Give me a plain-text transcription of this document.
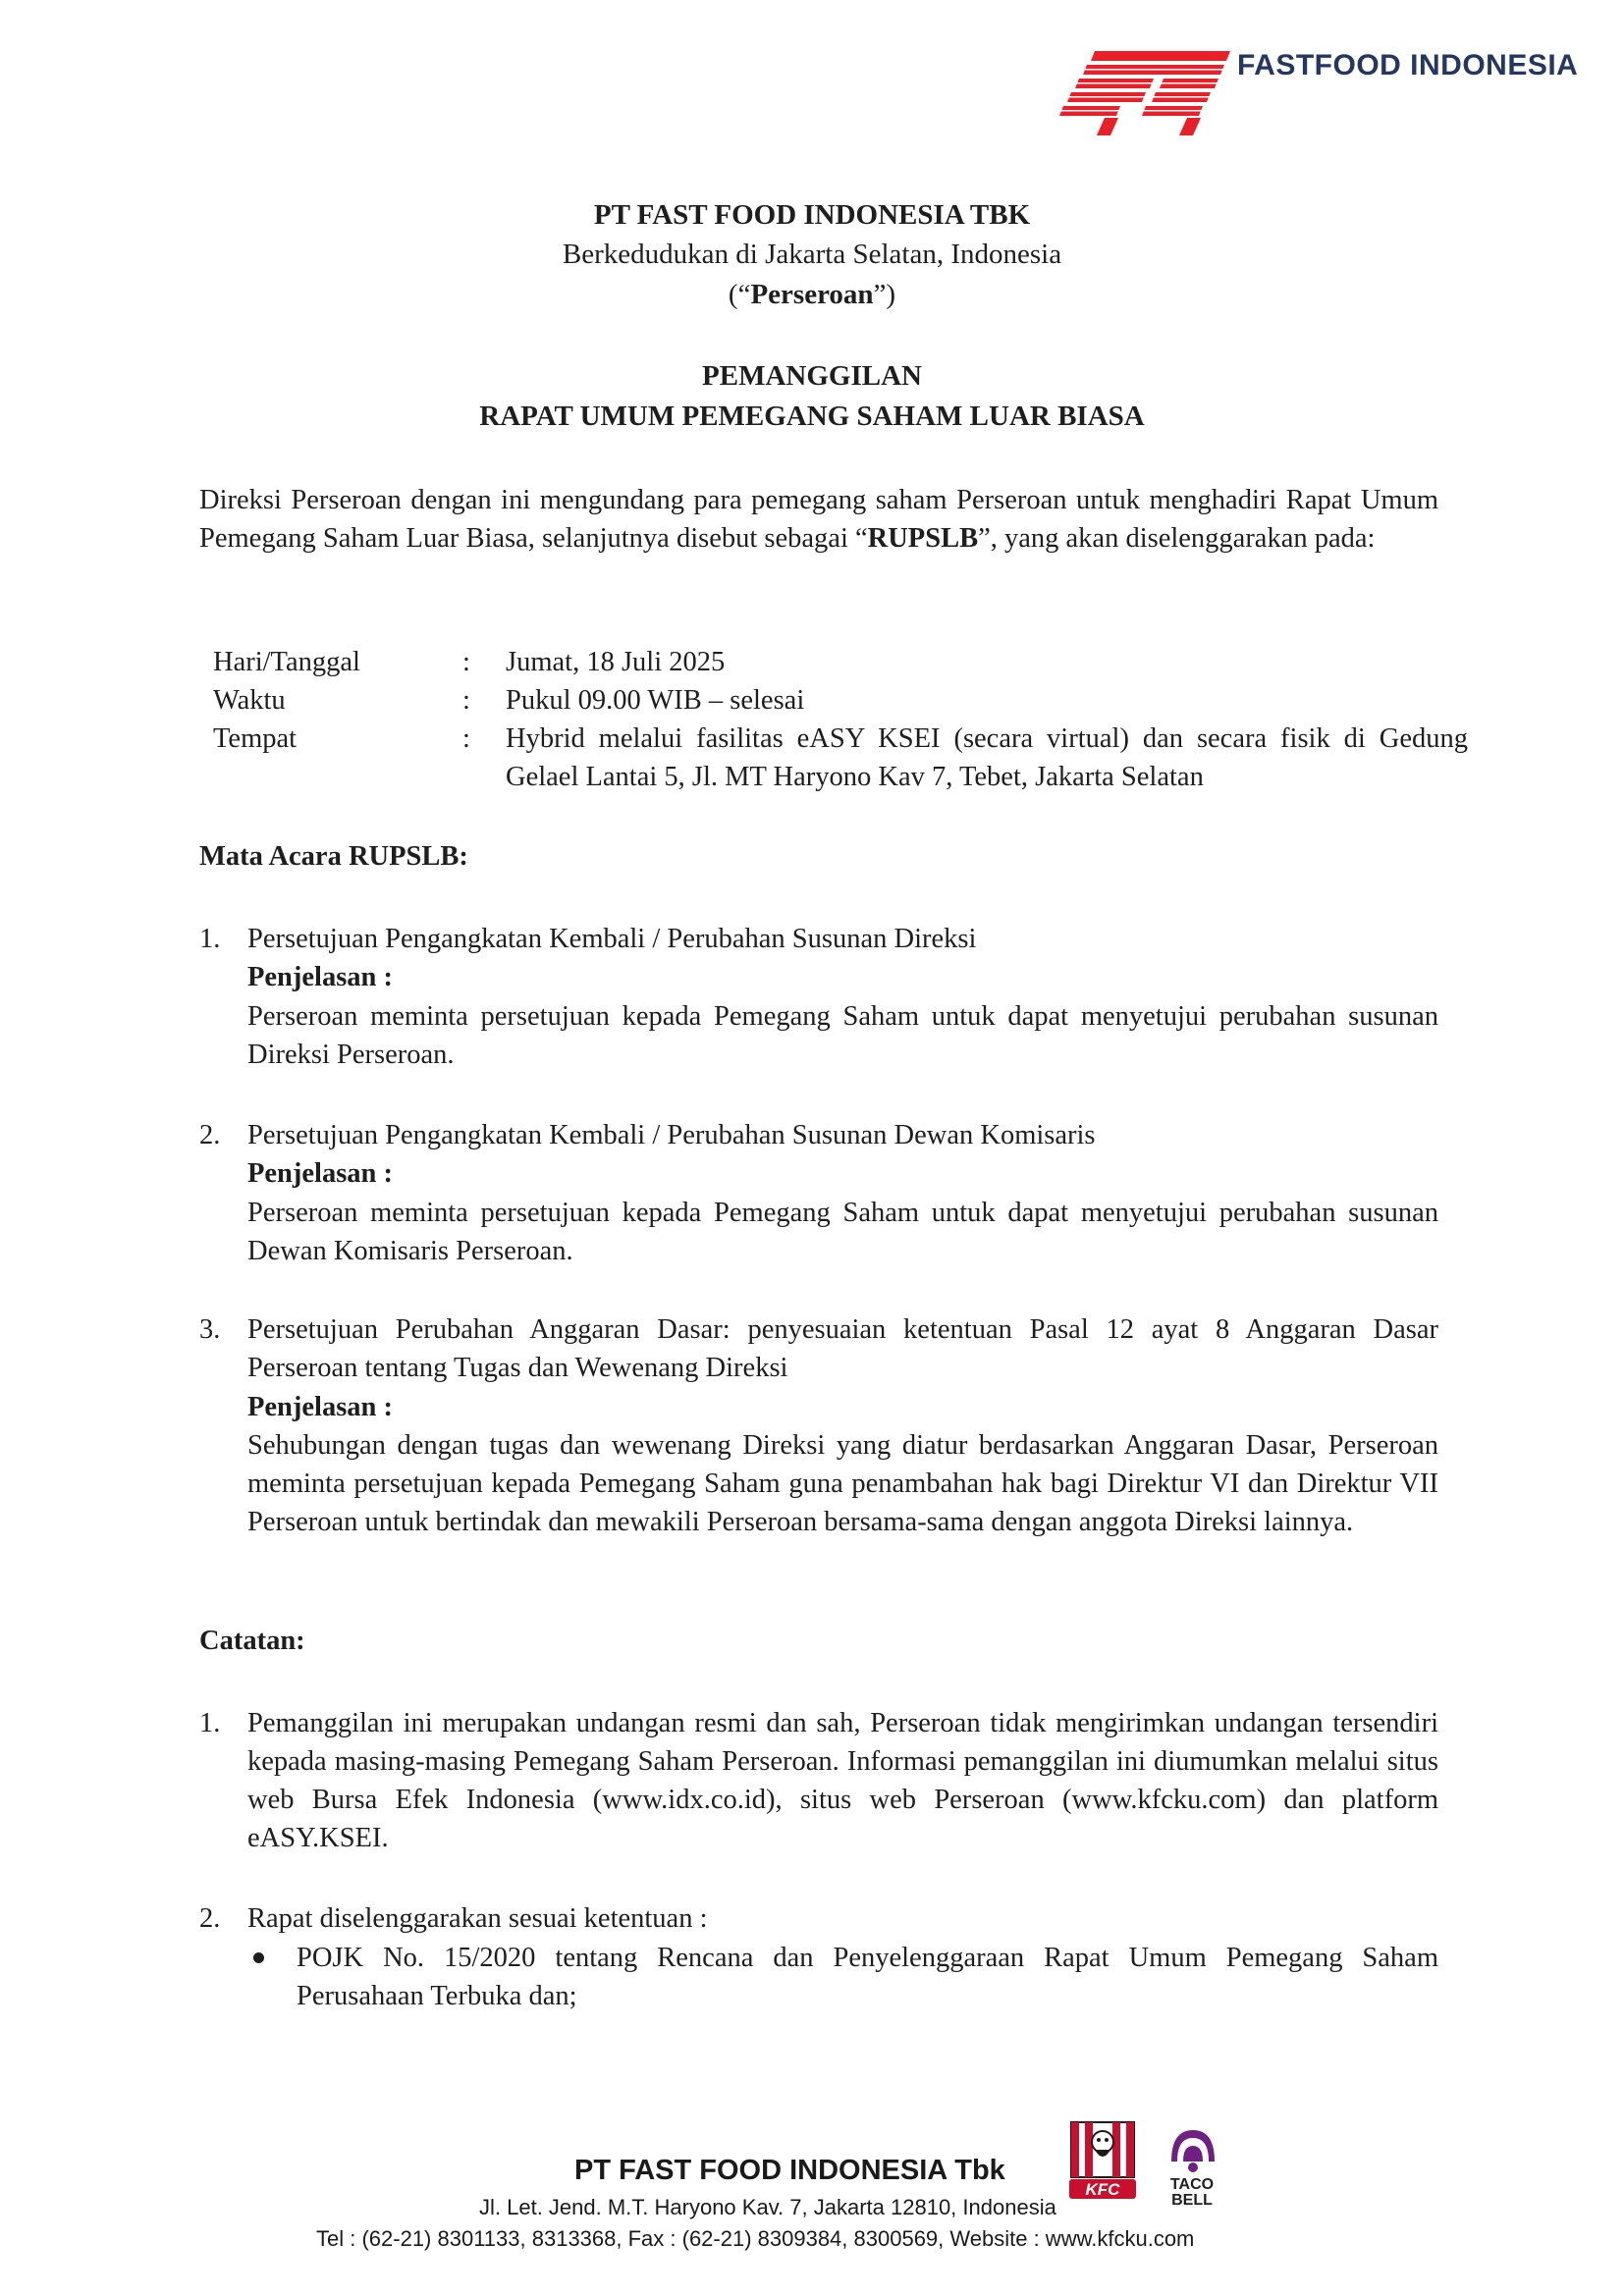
FASTFOOD INDONESIA
PT FAST FOOD INDONESIA TBK
Berkedudukan di Jakarta Selatan, Indonesia
(“Perseroan”)
PEMANGGILAN
RAPAT UMUM PEMEGANG SAHAM LUAR BIASA
Direksi Perseroan dengan ini mengundang para pemegang saham Perseroan untuk menghadiri Rapat Umum Pemegang Saham Luar Biasa, selanjutnya disebut sebagai “RUPSLB”, yang akan diselenggarakan pada:
Hari/Tanggal	: Jumat, 18 Juli 2025
Waktu	: Pukul 09.00 WIB – selesai
Tempat	: Hybrid melalui fasilitas eASY KSEI (secara virtual) dan secara fisik di Gedung Gelael Lantai 5, Jl. MT Haryono Kav 7, Tebet, Jakarta Selatan
Mata Acara RUPSLB:
1. Persetujuan Pengangkatan Kembali / Perubahan Susunan Direksi
Penjelasan :
Perseroan meminta persetujuan kepada Pemegang Saham untuk dapat menyetujui perubahan susunan Direksi Perseroan.
2. Persetujuan Pengangkatan Kembali / Perubahan Susunan Dewan Komisaris
Penjelasan :
Perseroan meminta persetujuan kepada Pemegang Saham untuk dapat menyetujui perubahan susunan Dewan Komisaris Perseroan.
3. Persetujuan Perubahan Anggaran Dasar: penyesuaian ketentuan Pasal 12 ayat 8 Anggaran Dasar Perseroan tentang Tugas dan Wewenang Direksi
Penjelasan :
Sehubungan dengan tugas dan wewenang Direksi yang diatur berdasarkan Anggaran Dasar, Perseroan meminta persetujuan kepada Pemegang Saham guna penambahan hak bagi Direktur VI dan Direktur VII Perseroan untuk bertindak dan mewakili Perseroan bersama-sama dengan anggota Direksi lainnya.
Catatan:
1. Pemanggilan ini merupakan undangan resmi dan sah, Perseroan tidak mengirimkan undangan tersendiri kepada masing-masing Pemegang Saham Perseroan. Informasi pemanggilan ini diumumkan melalui situs web Bursa Efek Indonesia (www.idx.co.id), situs web Perseroan (www.kfcku.com) dan platform eASY.KSEI.
2. Rapat diselenggarakan sesuai ketentuan :
POJK No. 15/2020 tentang Rencana dan Penyelenggaraan Rapat Umum Pemegang Saham Perusahaan Terbuka dan;
PT FAST FOOD INDONESIA Tbk
KFC	TACO
BELL
Jl. Let. Jend. M.T. Haryono Kav. 7, Jakarta 12810, Indonesia
Tel : (62-21) 8301133, 8313368, Fax : (62-21) 8309384, 8300569, Website : www.kfcku.com
